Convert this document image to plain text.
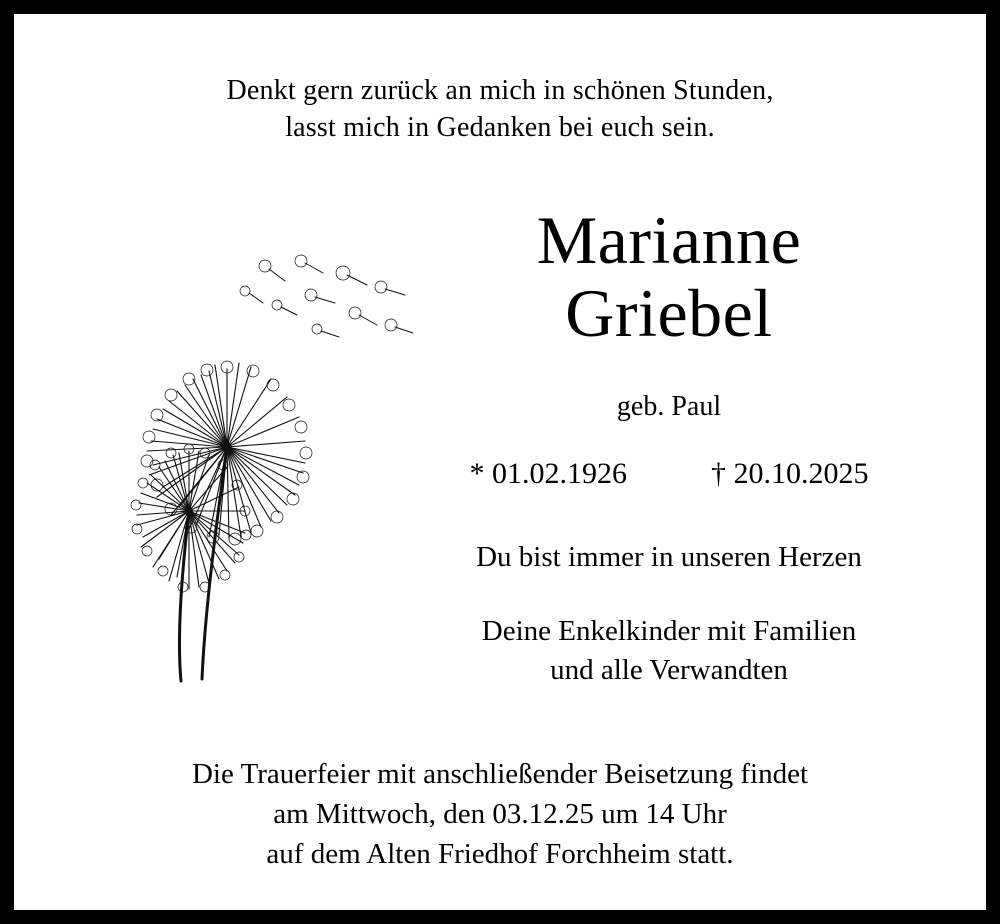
Denkt gern zurück an mich in schönen Stunden,
lasst mich in Gedanken bei euch sein.
Marianne
Griebel
geb. Paul
* 01.02.1926	† 20.10.2025
Du bist immer in unseren Herzen
Deine Enkelkinder mit Familien
und alle Verwandten
Die Trauerfeier mit anschließender Beisetzung findet
am Mittwoch, den 03.12.25 um 14 Uhr
auf dem Alten Friedhof Forchheim statt.
